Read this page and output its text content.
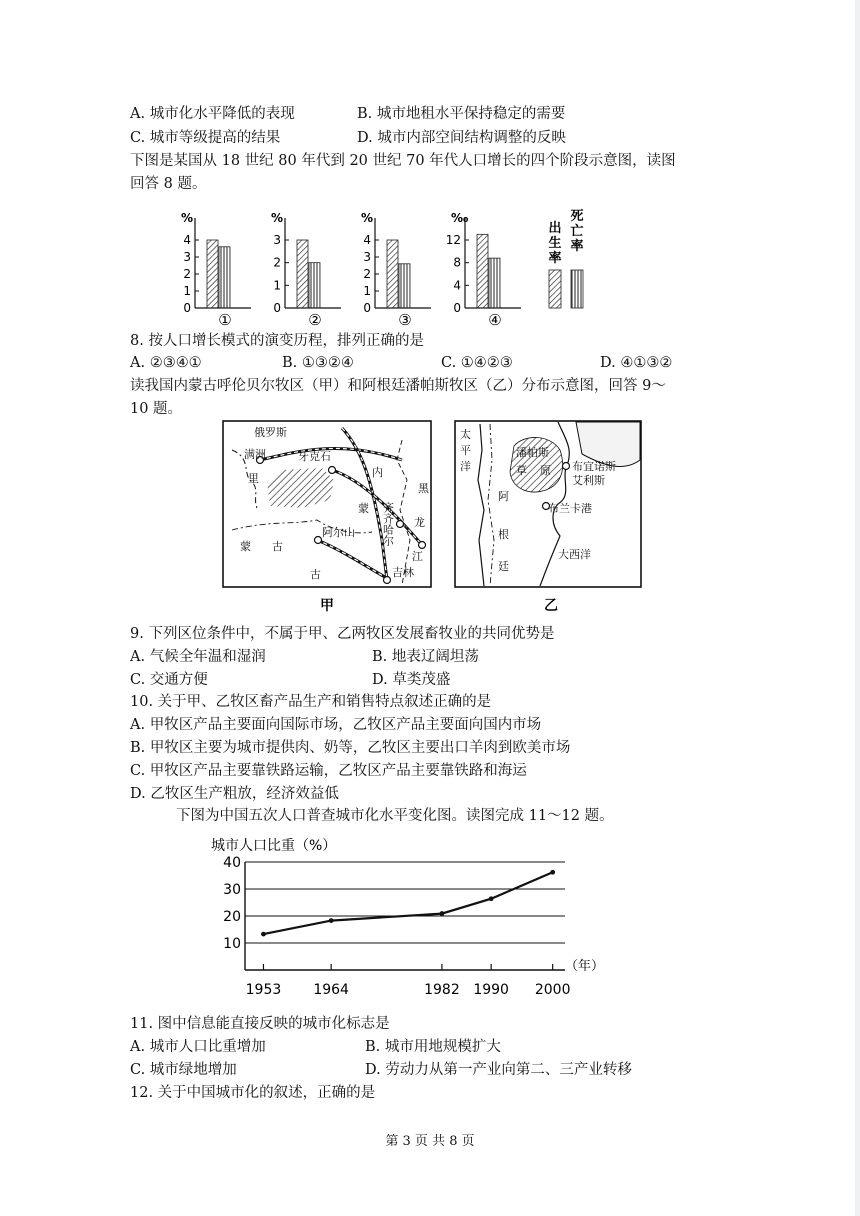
A. 城市化水平降低的表现	B. 城市地租水平保持稳定的需要
C. 城市等级提高的结果	D. 城市内部空间结构调整的反映
下图是某国从 18 世纪 80 年代到 20 世纪 70 年代人口增长的四个阶段示意图，读图
回答 8 题。
%
4
3
2
1
0
①
%
3
2
1
0
②
%
4
3
2
1
0
③
‰
12
8
4
0
④
出
生
率
死
亡
率
8. 按人口增长模式的演变历程，排列正确的是
A. ②③④①	B. ①③②④	C. ①④②③	D. ④①③②
读我国内蒙古呼伦贝尔牧区（甲）和阿根廷潘帕斯牧区（乙）分布示意图，回答 9～
10 题。
俄罗斯
满洲
里
牙克石
内
齐齐哈尔
黑
龙
江
吉林
蒙
阿尔山
蒙 古
古
甲
太
平
洋
潘帕斯
草 原 布宜诺斯
艾利斯
布兰卡港
阿
根
廷
大西洋
乙
9. 下列区位条件中，不属于甲、乙两牧区发展畜牧业的共同优势是
A. 气候全年温和湿润	B. 地表辽阔坦荡
C. 交通方便	D. 草类茂盛
10. 关于甲、乙牧区畜产品生产和销售特点叙述正确的是
A. 甲牧区产品主要面向国际市场，乙牧区产品主要面向国内市场
B. 甲牧区主要为城市提供肉、奶等，乙牧区主要出口羊肉到欧美市场
C. 甲牧区产品主要靠铁路运输，乙牧区产品主要靠铁路和海运
D. 乙牧区生产粗放，经济效益低
下图为中国五次人口普查城市化水平变化图。读图完成 11～12 题。
城市人口比重（%）
40
30
20
10
1953 1964	1982 1990 2000
（年）
11. 图中信息能直接反映的城市化标志是
A. 城市人口比重增加	B. 城市用地规模扩大
C. 城市绿地增加	D. 劳动力从第一产业向第二、三产业转移
12. 关于中国城市化的叙述，正确的是
第 3 页 共 8 页
